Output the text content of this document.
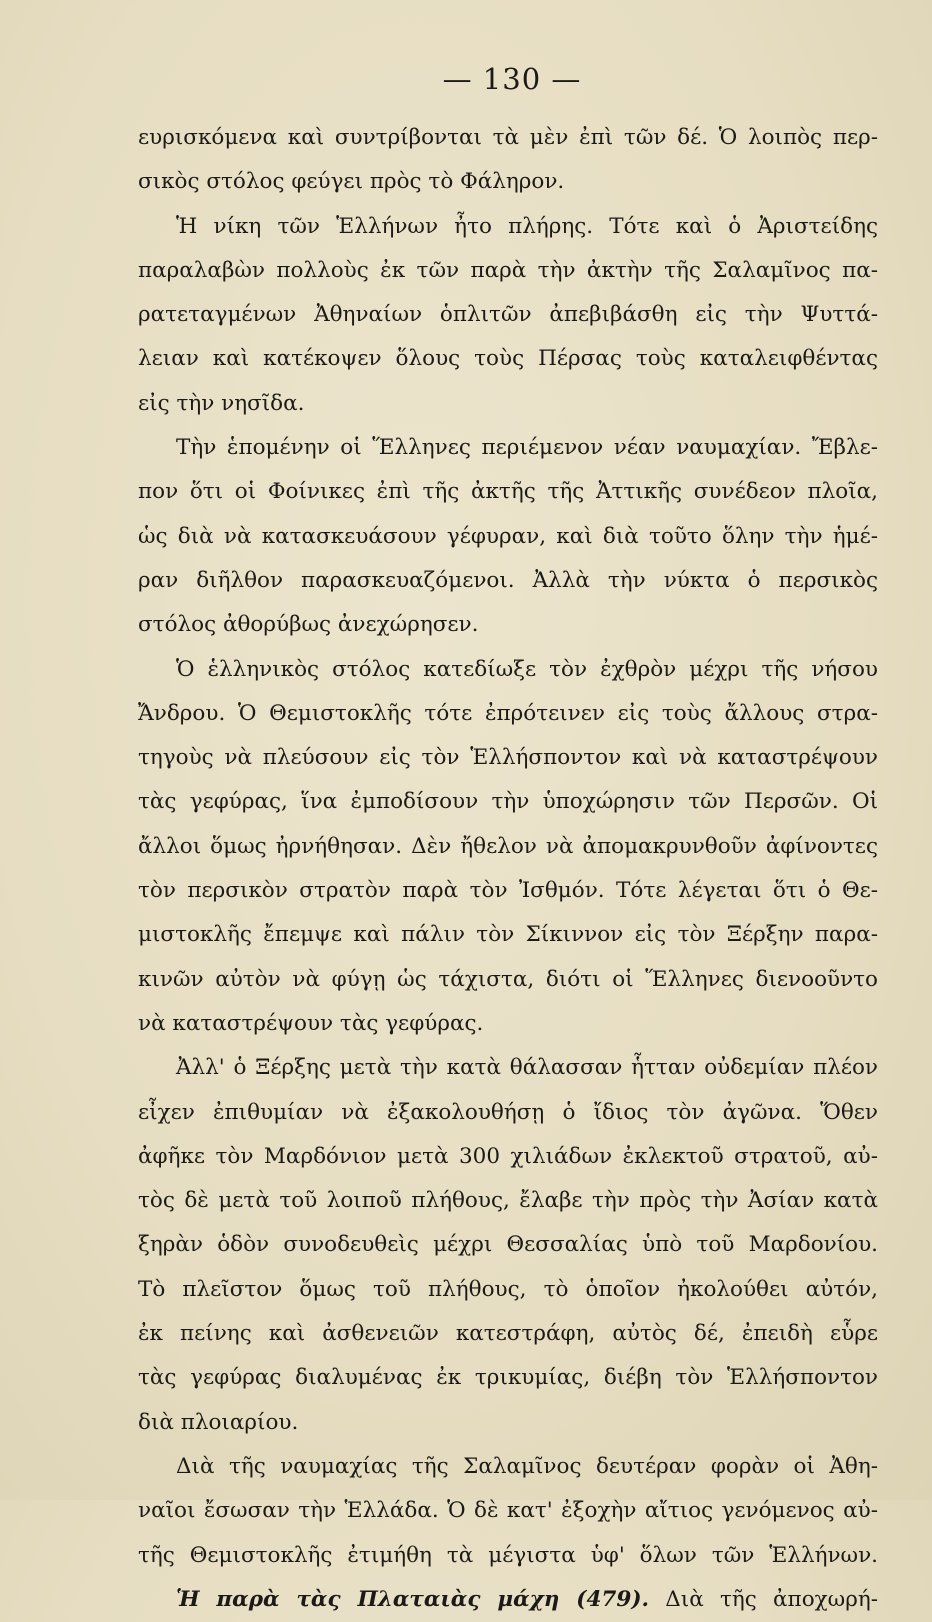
— 130 —
ευρισκόμενα καὶ συντρίβονται τὰ μὲν ἐπὶ τῶν δέ. Ὁ λοιπὸς περ-
σικὸς στόλος φεύγει πρὸς τὸ Φάληρον.
Ἡ νίκη τῶν Ἑλλήνων ἦτο πλήρης. Τότε καὶ ὁ Ἀριστείδης
παραλαβὼν πολλοὺς ἐκ τῶν παρὰ τὴν ἀκτὴν τῆς Σαλαμῖνος πα-
ρατεταγμένων Ἀθηναίων ὁπλιτῶν ἀπεβιβάσθη εἰς τὴν Ψυττά-
λειαν καὶ κατέκοψεν ὅλους τοὺς Πέρσας τοὺς καταλειφθέντας
εἰς τὴν νησῖδα.
Τὴν ἑπομένην οἱ Ἕλληνες περιέμενον νέαν ναυμαχίαν. Ἔβλε-
πον ὅτι οἱ Φοίνικες ἐπὶ τῆς ἀκτῆς τῆς Ἀττικῆς συνέδεον πλοῖα,
ὡς διὰ νὰ κατασκευάσουν γέφυραν, καὶ διὰ τοῦτο ὅλην τὴν ἡμέ-
ραν διῆλθον παρασκευαζόμενοι. Ἀλλὰ τὴν νύκτα ὁ περσικὸς
στόλος ἀθορύβως ἀνεχώρησεν.
Ὁ ἑλληνικὸς στόλος κατεδίωξε τὸν ἐχθρὸν μέχρι τῆς νήσου
Ἄνδρου. Ὁ Θεμιστοκλῆς τότε ἐπρότεινεν εἰς τοὺς ἄλλους στρα-
τηγοὺς νὰ πλεύσουν εἰς τὸν Ἑλλήσποντον καὶ νὰ καταστρέψουν
τὰς γεφύρας, ἵνα ἐμποδίσουν τὴν ὑποχώρησιν τῶν Περσῶν. Οἱ
ἄλλοι ὅμως ἠρνήθησαν. Δὲν ἤθελον νὰ ἀπομακρυνθοῦν ἀφίνοντες
τὸν περσικὸν στρατὸν παρὰ τὸν Ἰσθμόν. Τότε λέγεται ὅτι ὁ Θε-
μιστοκλῆς ἔπεμψε καὶ πάλιν τὸν Σίκιννον εἰς τὸν Ξέρξην παρα-
κινῶν αὐτὸν νὰ φύγῃ ὡς τάχιστα, διότι οἱ Ἕλληνες διενοοῦντο
νὰ καταστρέψουν τὰς γεφύρας.
Ἀλλ' ὁ Ξέρξης μετὰ τὴν κατὰ θάλασσαν ἧτταν οὐδεμίαν πλέον
εἶχεν ἐπιθυμίαν νὰ ἐξακολουθήσῃ ὁ ἴδιος τὸν ἀγῶνα. Ὅθεν
ἀφῆκε τὸν Μαρδόνιον μετὰ 300 χιλιάδων ἐκλεκτοῦ στρατοῦ, αὐ-
τὸς δὲ μετὰ τοῦ λοιποῦ πλήθους, ἔλαβε τὴν πρὸς τὴν Ἀσίαν κατὰ
ξηρὰν ὁδὸν συνοδευθεὶς μέχρι Θεσσαλίας ὑπὸ τοῦ Μαρδονίου.
Τὸ πλεῖστον ὅμως τοῦ πλήθους, τὸ ὁποῖον ἠκολούθει αὐτόν,
ἐκ πείνης καὶ ἀσθενειῶν κατεστράφη, αὐτὸς δέ, ἐπειδὴ εὗρε
τὰς γεφύρας διαλυμένας ἐκ τρικυμίας, διέβη τὸν Ἑλλήσποντον
διὰ πλοιαρίου.
Διὰ τῆς ναυμαχίας τῆς Σαλαμῖνος δευτέραν φορὰν οἱ Ἀθη-
ναῖοι ἔσωσαν τὴν Ἑλλάδα. Ὁ δὲ κατ' ἐξοχὴν αἴτιος γενόμενος αὐ-
τῆς Θεμιστοκλῆς ἐτιμήθη τὰ μέγιστα ὑφ' ὅλων τῶν Ἑλλήνων.
Ἡ παρὰ τὰς Πλαταιὰς μάχη (479). Διὰ τῆς ἀποχωρή-
